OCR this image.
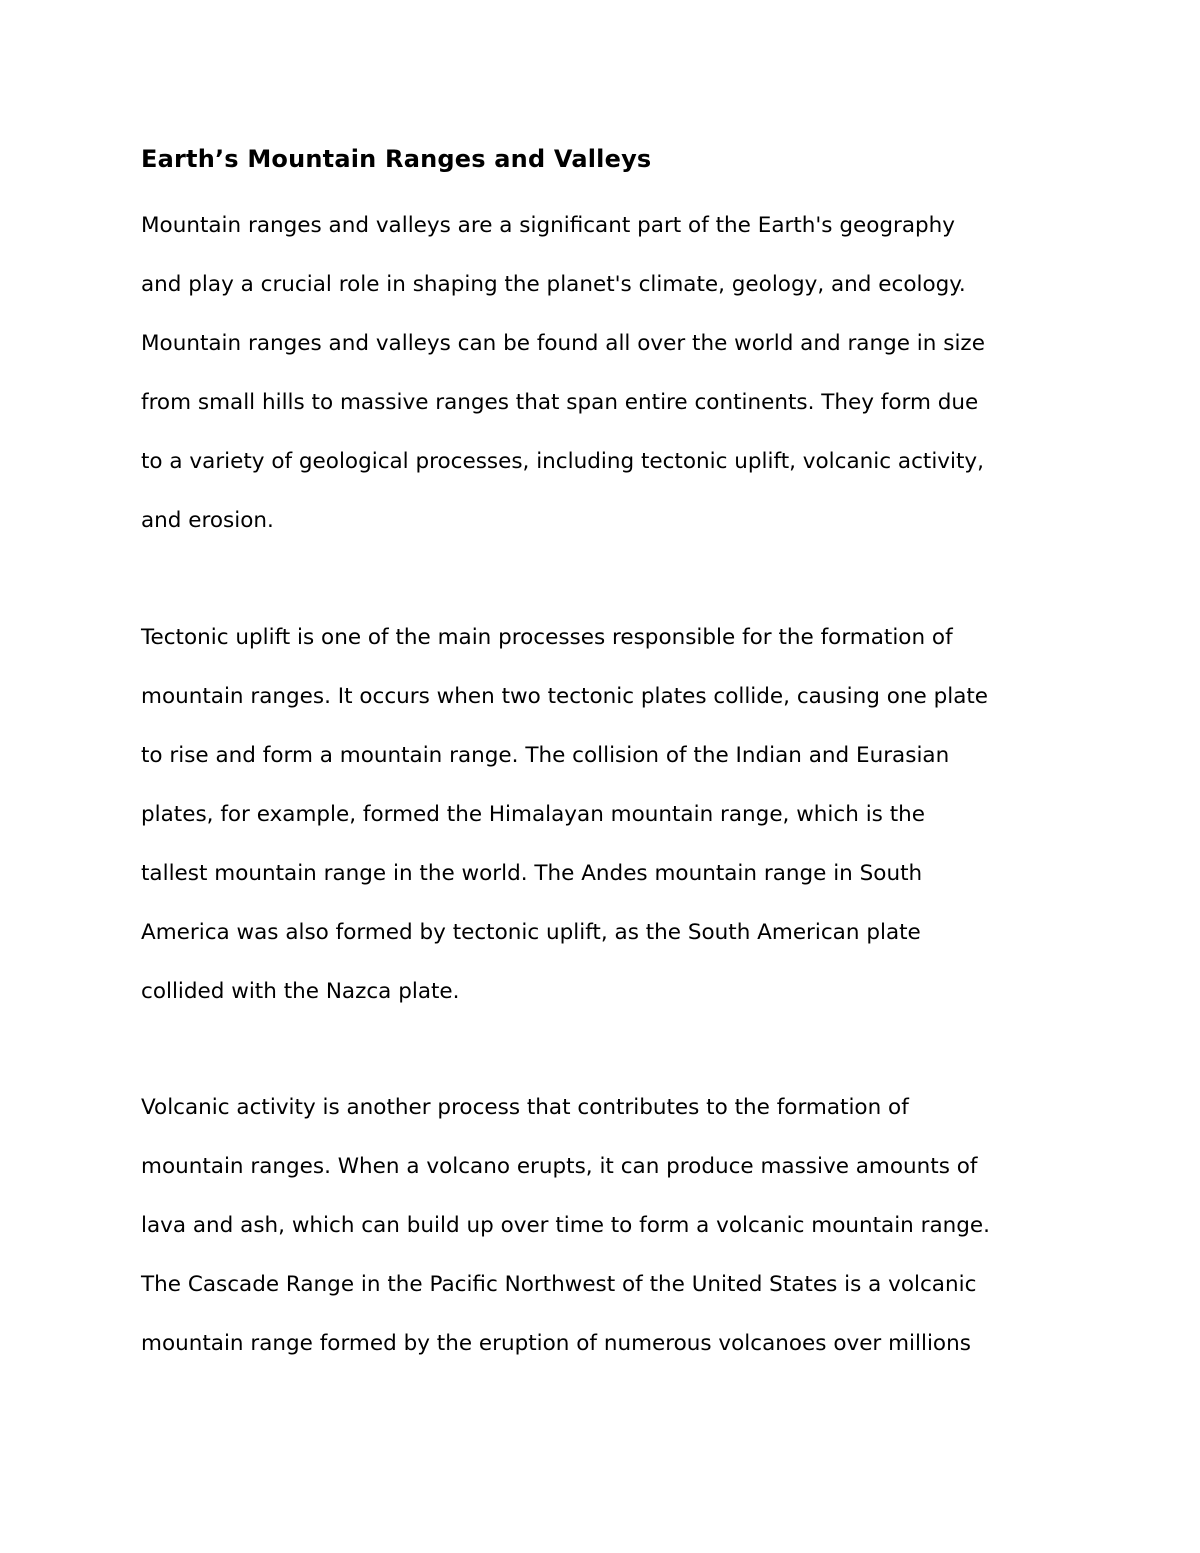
Earth’s Mountain Ranges and Valleys
Mountain ranges and valleys are a significant part of the Earth's geography
and play a crucial role in shaping the planet's climate, geology, and ecology.
Mountain ranges and valleys can be found all over the world and range in size
from small hills to massive ranges that span entire continents. They form due
to a variety of geological processes, including tectonic uplift, volcanic activity,
and erosion.
Tectonic uplift is one of the main processes responsible for the formation of
mountain ranges. It occurs when two tectonic plates collide, causing one plate
to rise and form a mountain range. The collision of the Indian and Eurasian
plates, for example, formed the Himalayan mountain range, which is the
tallest mountain range in the world. The Andes mountain range in South
America was also formed by tectonic uplift, as the South American plate
collided with the Nazca plate.
Volcanic activity is another process that contributes to the formation of
mountain ranges. When a volcano erupts, it can produce massive amounts of
lava and ash, which can build up over time to form a volcanic mountain range.
The Cascade Range in the Pacific Northwest of the United States is a volcanic
mountain range formed by the eruption of numerous volcanoes over millions
